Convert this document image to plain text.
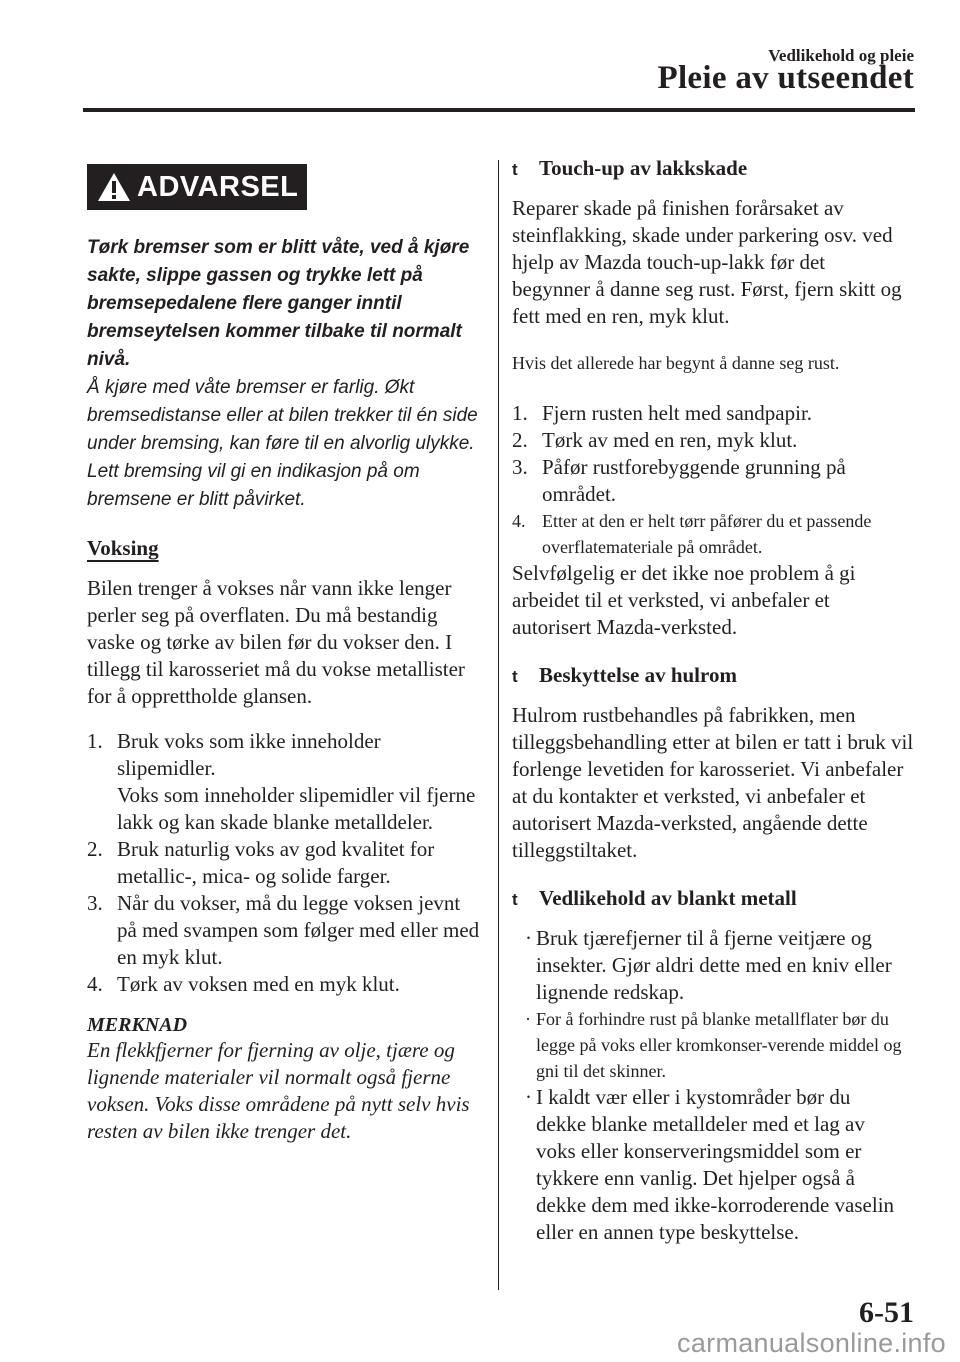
Vedlikehold og pleie
Pleie av utseendet
ADVARSEL
Tørk bremser som er blitt våte, ved å kjøre sakte, slippe gassen og trykke lett på bremsepedalene flere ganger inntil bremseytelsen kommer tilbake til normalt nivå.
Å kjøre med våte bremser er farlig. Økt bremsedistanse eller at bilen trekker til én side under bremsing, kan føre til en alvorlig ulykke. Lett bremsing vil gi en indikasjon på om bremsene er blitt påvirket.
Voksing
Bilen trenger å vokses når vann ikke lenger perler seg på overflaten. Du må bestandig vaske og tørke av bilen før du vokser den. I tillegg til karosseriet må du vokse metallister for å opprettholde glansen.
1. Bruk voks som ikke inneholder slipemidler.
Voks som inneholder slipemidler vil fjerne lakk og kan skade blanke metalldeler.
2. Bruk naturlig voks av god kvalitet for metallic-, mica- og solide farger.
3. Når du vokser, må du legge voksen jevnt på med svampen som følger med eller med en myk klut.
4. Tørk av voksen med en myk klut.
MERKNAD
En flekkfjerner for fjerning av olje, tjære og lignende materialer vil normalt også fjerne voksen. Voks disse områdene på nytt selv hvis resten av bilen ikke trenger det.
t	Touch-up av lakkskade
Reparer skade på finishen forårsaket av steinflakking, skade under parkering osv. ved hjelp av Mazda touch-up-lakk før det begynner å danne seg rust. Først, fjern skitt og fett med en ren, myk klut.
Hvis det allerede har begynt å danne seg rust.
1. Fjern rusten helt med sandpapir.
2. Tørk av med en ren, myk klut.
3. Påfør rustforebyggende grunning på området.
4. Etter at den er helt tørr påfører du et passende overflatemateriale på området.
Selvfølgelig er det ikke noe problem å gi arbeidet til et verksted, vi anbefaler et autorisert Mazda-verksted.
t	Beskyttelse av hulrom
Hulrom rustbehandles på fabrikken, men tilleggsbehandling etter at bilen er tatt i bruk vil forlenge levetiden for karosseriet. Vi anbefaler at du kontakter et verksted, vi anbefaler et autorisert Mazda-verksted, angående dette tilleggstiltaket.
t	Vedlikehold av blankt metall
· Bruk tjærefjerner til å fjerne veitjære og insekter. Gjør aldri dette med en kniv eller lignende redskap.
· For å forhindre rust på blanke metallflater bør du legge på voks eller kromkonser-verende middel og gni til det skinner.
· I kaldt vær eller i kystområder bør du dekke blanke metalldeler med et lag av voks eller konserveringsmiddel som er tykkere enn vanlig. Det hjelper også å dekke dem med ikke-korroderende vaselin eller en annen type beskyttelse.
6-51
carmanualsonline.info
